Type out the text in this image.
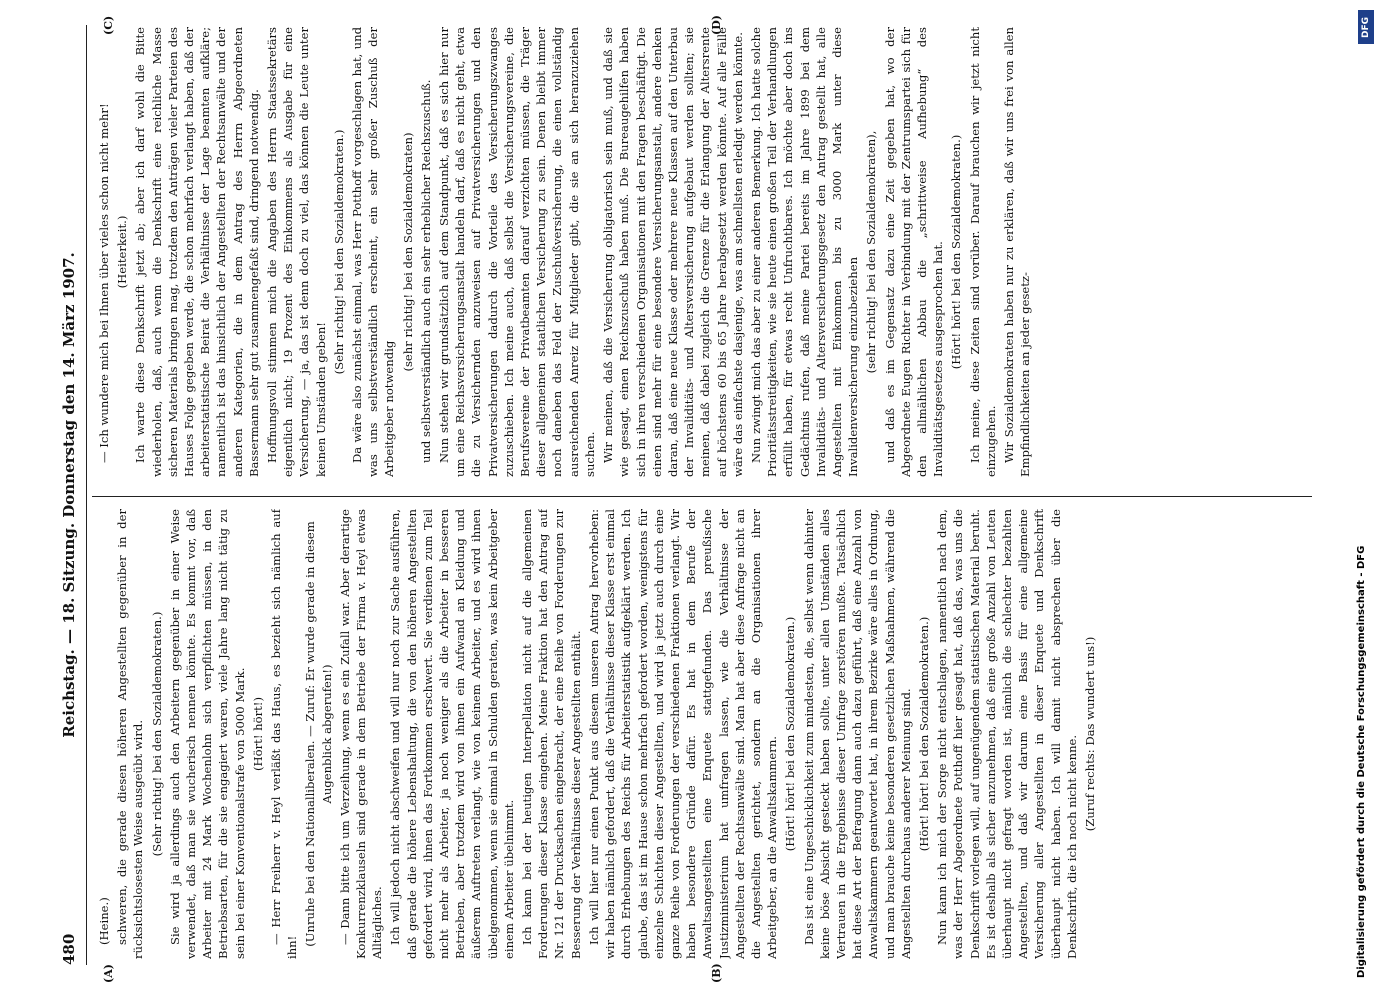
480
Reichstag. — 18. Sitzung. Donnerstag den 14. März 1907.
(A)	(B)
(C)	(D)

(Heine.) schweren, die gerade diesen höheren Angestellten gegenüber in der rücksichtslosesten Weise ausgeübt wird. (Sehr richtig! bei den Sozialdemokraten.) Sie wird ja allerdings auch den Arbeitern gegenüber in einer Weise verwendet, daß man sie wucherisch nennen könnte. Es kommt vor, daß Arbeiter mit 24 Mark Wochenlohn sich verpflichten müssen, in den Betriebsarten, für die sie engagiert waren, viele Jahre lang nicht tätig zu sein bei einer Konventionalstrafe von 5000 Mark. (Hört! hört!) — Herr Freiherr v. Heyl verläßt das Haus, es bezieht sich nämlich auf ihn!

(Unruhe bei den Nationalliberalen. — Zuruf: Er wurde gerade in diesem Augenblick abgerufen!) — Dann bitte ich um Verzeihung, wenn es ein Zufall war. Aber derartige Konkurrenzklauseln sind gerade in dem Betriebe der Firma v. Heyl etwas Alltägliches. Ich will jedoch nicht abschweifen und will nur noch zur Sache ausführen, daß gerade die höhere Lebenshaltung, die von den höheren Angestellten gefordert wird, ihnen das Fortkommen erschwert. Sie verdienen zum Teil nicht mehr als Arbeiter, ja noch weniger als die Arbeiter in besseren Betrieben, aber trotzdem wird von ihnen ein Aufwand an Kleidung und äußerem Auftreten verlangt, wie von keinem Arbeiter, und es wird ihnen übelgenommen, wenn sie einmal in Schulden geraten, was kein Arbeitgeber einem Arbeiter übelnimmt. Ich kann bei der heutigen Interpellation nicht auf die allgemeinen Forderungen dieser Klasse eingehen. Meine Fraktion hat den Antrag auf Nr. 121 der Drucksachen eingebracht, der eine Reihe von Forderungen zur Besserung der Verhältnisse dieser Angestellten enthält. Ich will hier nur einen Punkt aus diesem unseren Antrag hervorheben: wir haben nämlich gefordert, daß die Verhältnisse dieser Klasse erst einmal durch Erhebungen des Reichs für Arbeiterstatistik aufgeklärt werden. Ich glaube, das ist im Hause schon mehrfach gefordert worden, wenigstens für einzelne Schichten dieser Angestellten, und wird ja jetzt auch durch eine ganze Reihe von Forderungen der verschiedenen Fraktionen verlangt. Wir haben besondere Gründe dafür. Es hat in dem Berufe der Anwaltsangestellten eine Enquete stattgefunden. Das preußische Justizministerium hat umfragen lassen, wie die Verhältnisse der Angestellten der Rechtsanwälte sind. Man hat aber diese Anfrage nicht an die Angestellten gerichtet, sondern an die Organisationen ihrer Arbeitgeber, an die Anwaltskammern. (Hört! hört! bei den Sozialdemokraten.) Das ist eine Ungeschicklichkeit zum mindesten, die, selbst wenn dahinter keine böse Absicht gesteckt haben sollte, unter allen Umständen alles Vertrauen in die Ergebnisse dieser Umfrage zerstören mußte. Tatsächlich hat diese Art der Befragung dann auch dazu geführt, daß eine Anzahl von Anwaltskammern geantwortet hat, in ihrem Bezirke wäre alles in Ordnung, und man brauche keine besonderen gesetzlichen Maßnahmen, während die Angestellten durchaus anderer Meinung sind. (Hört! hört! bei den Sozialdemokraten.) Nun kann ich mich der Sorge nicht entschlagen, namentlich nach dem, was der Herr Abgeordnete Potthoff hier gesagt hat, daß das, was uns die Denkschrift vorlegen will, auf ungenügendem statistischen Material beruht. Es ist deshalb als sicher anzunehmen, daß eine große Anzahl von Leuten überhaupt nicht gefragt worden ist, nämlich die schlechter bezahlten Angestellten, und daß wir darum eine Basis für eine allgemeine Versicherung aller Angestellten in dieser Enquete und Denkschrift überhaupt nicht haben. Ich will damit nicht absprechen über die Denkschrift, die ich noch nicht kenne.

(Zuruf rechts: Das wundert uns!)

— Ich wundere mich bei Ihnen über vieles schon nicht mehr! (Heiterkeit.) Ich warte diese Denkschrift jetzt ab; aber ich darf wohl die Bitte wiederholen, daß, auch wenn die Denkschrift eine reichliche Masse sicheren Materials bringen mag, trotzdem den Anträgen vieler Parteien des Hauses Folge gegeben werde, die schon mehrfach verlangt haben, daß der arbeiterstatistische Beirat die Verhältnisse der Lage beamten aufkläre; namentlich ist das hinsichtlich der Angestellten der Rechtsanwälte und der anderen Kategorien, die in dem Antrag des Herrn Abgeordneten Bassermann sehr gut zusammengefaßt sind, dringend notwendig. Hoffnungsvoll stimmen mich die Angaben des Herrn Staatssekretärs eigentlich nicht; 19 Prozent des Einkommens als Ausgabe für eine Versicherung, — ja, das ist denn doch zu viel, das können die Leute unter keinen Umständen geben!

(Sehr richtig! bei den Sozialdemokraten.) Da wäre also zunächst einmal, was Herr Potthoff vorgeschlagen hat, und was uns selbstverständlich erscheint, ein sehr großer Zuschuß der Arbeitgeber notwendig

(sehr richtig! bei den Sozialdemokraten) und selbstverständlich auch ein sehr erheblicher Reichszuschuß. Nun stehen wir grundsätzlich auf dem Standpunkt, daß es sich hier nur um eine Reichsversicherungsanstalt handeln darf, daß es nicht geht, etwa die zu Versichernden anzuweisen auf Privatversicherungen und den Privatversicherungen dadurch die Vorteile des Versicherungszwanges zuzuschieben. Ich meine auch, daß selbst die Versicherungsvereine, die Berufsvereine der Privatbeamten darauf verzichten müssen, die Träger dieser allgemeinen staatlichen Versicherung zu sein. Denen bleibt immer noch daneben das Feld der Zuschußversicherung, die einen vollständig ausreichenden Anreiz für Mitglieder gibt, die sie an sich heranzuziehen suchen. Wir meinen, daß die Versicherung obligatorisch sein muß, und daß sie wie gesagt, einen Reichszuschuß haben muß. Die Bureaugehilfen haben sich in ihren verschiedenen Organisationen mit den Fragen beschäftigt. Die einen sind mehr für eine besondere Versicherungsanstalt, andere denken daran, daß eine neue Klasse oder mehrere neue Klassen auf den Unterbau der Invaliditäts- und Altersversicherung aufgebaut werden sollten; sie meinen, daß dabei zugleich die Grenze für die Erlangung der Altersrente auf höchstens 60 bis 65 Jahre herabgesetzt werden könnte. Auf alle Fälle wäre das einfachste dasjenige, was am schnellsten erledigt werden könnte. Nun zwingt mich das aber zu einer anderen Bemerkung. Ich hatte solche Prioritätsstreitigkeiten, wie sie heute einen großen Teil der Verhandlungen erfüllt haben, für etwas recht Unfruchtbares. Ich möchte aber doch ins Gedächtnis rufen, daß meine Partei bereits im Jahre 1899 bei dem Invaliditäts- und Altersversicherungsgesetz den Antrag gestellt hat, alle Angestellten mit Einkommen bis zu 3000 Mark unter diese Invalidenversicherung einzubeziehen (sehr richtig! bei den Sozialdemokraten), und daß es im Gegensatz dazu eine Zeit gegeben hat, wo der Abgeordnete Eugen Richter in Verbindung mit der Zentrumspartei sich für den allmählichen Abbau die „schrittweise Aufhebung“ des Invaliditätsgesetzes ausgesprochen hat. (Hört! hört! bei den Sozialdemokraten.) Ich meine, diese Zeiten sind vorüber. Darauf brauchen wir jetzt nicht einzugehen. Wir Sozialdemokraten haben nur zu erklären, daß wir uns frei von allen Empfindlichkeiten an jeder gesetz-

Digitalisierung gefördert durch die Deutsche Forschungsgemeinschaft - DFG
DFG
